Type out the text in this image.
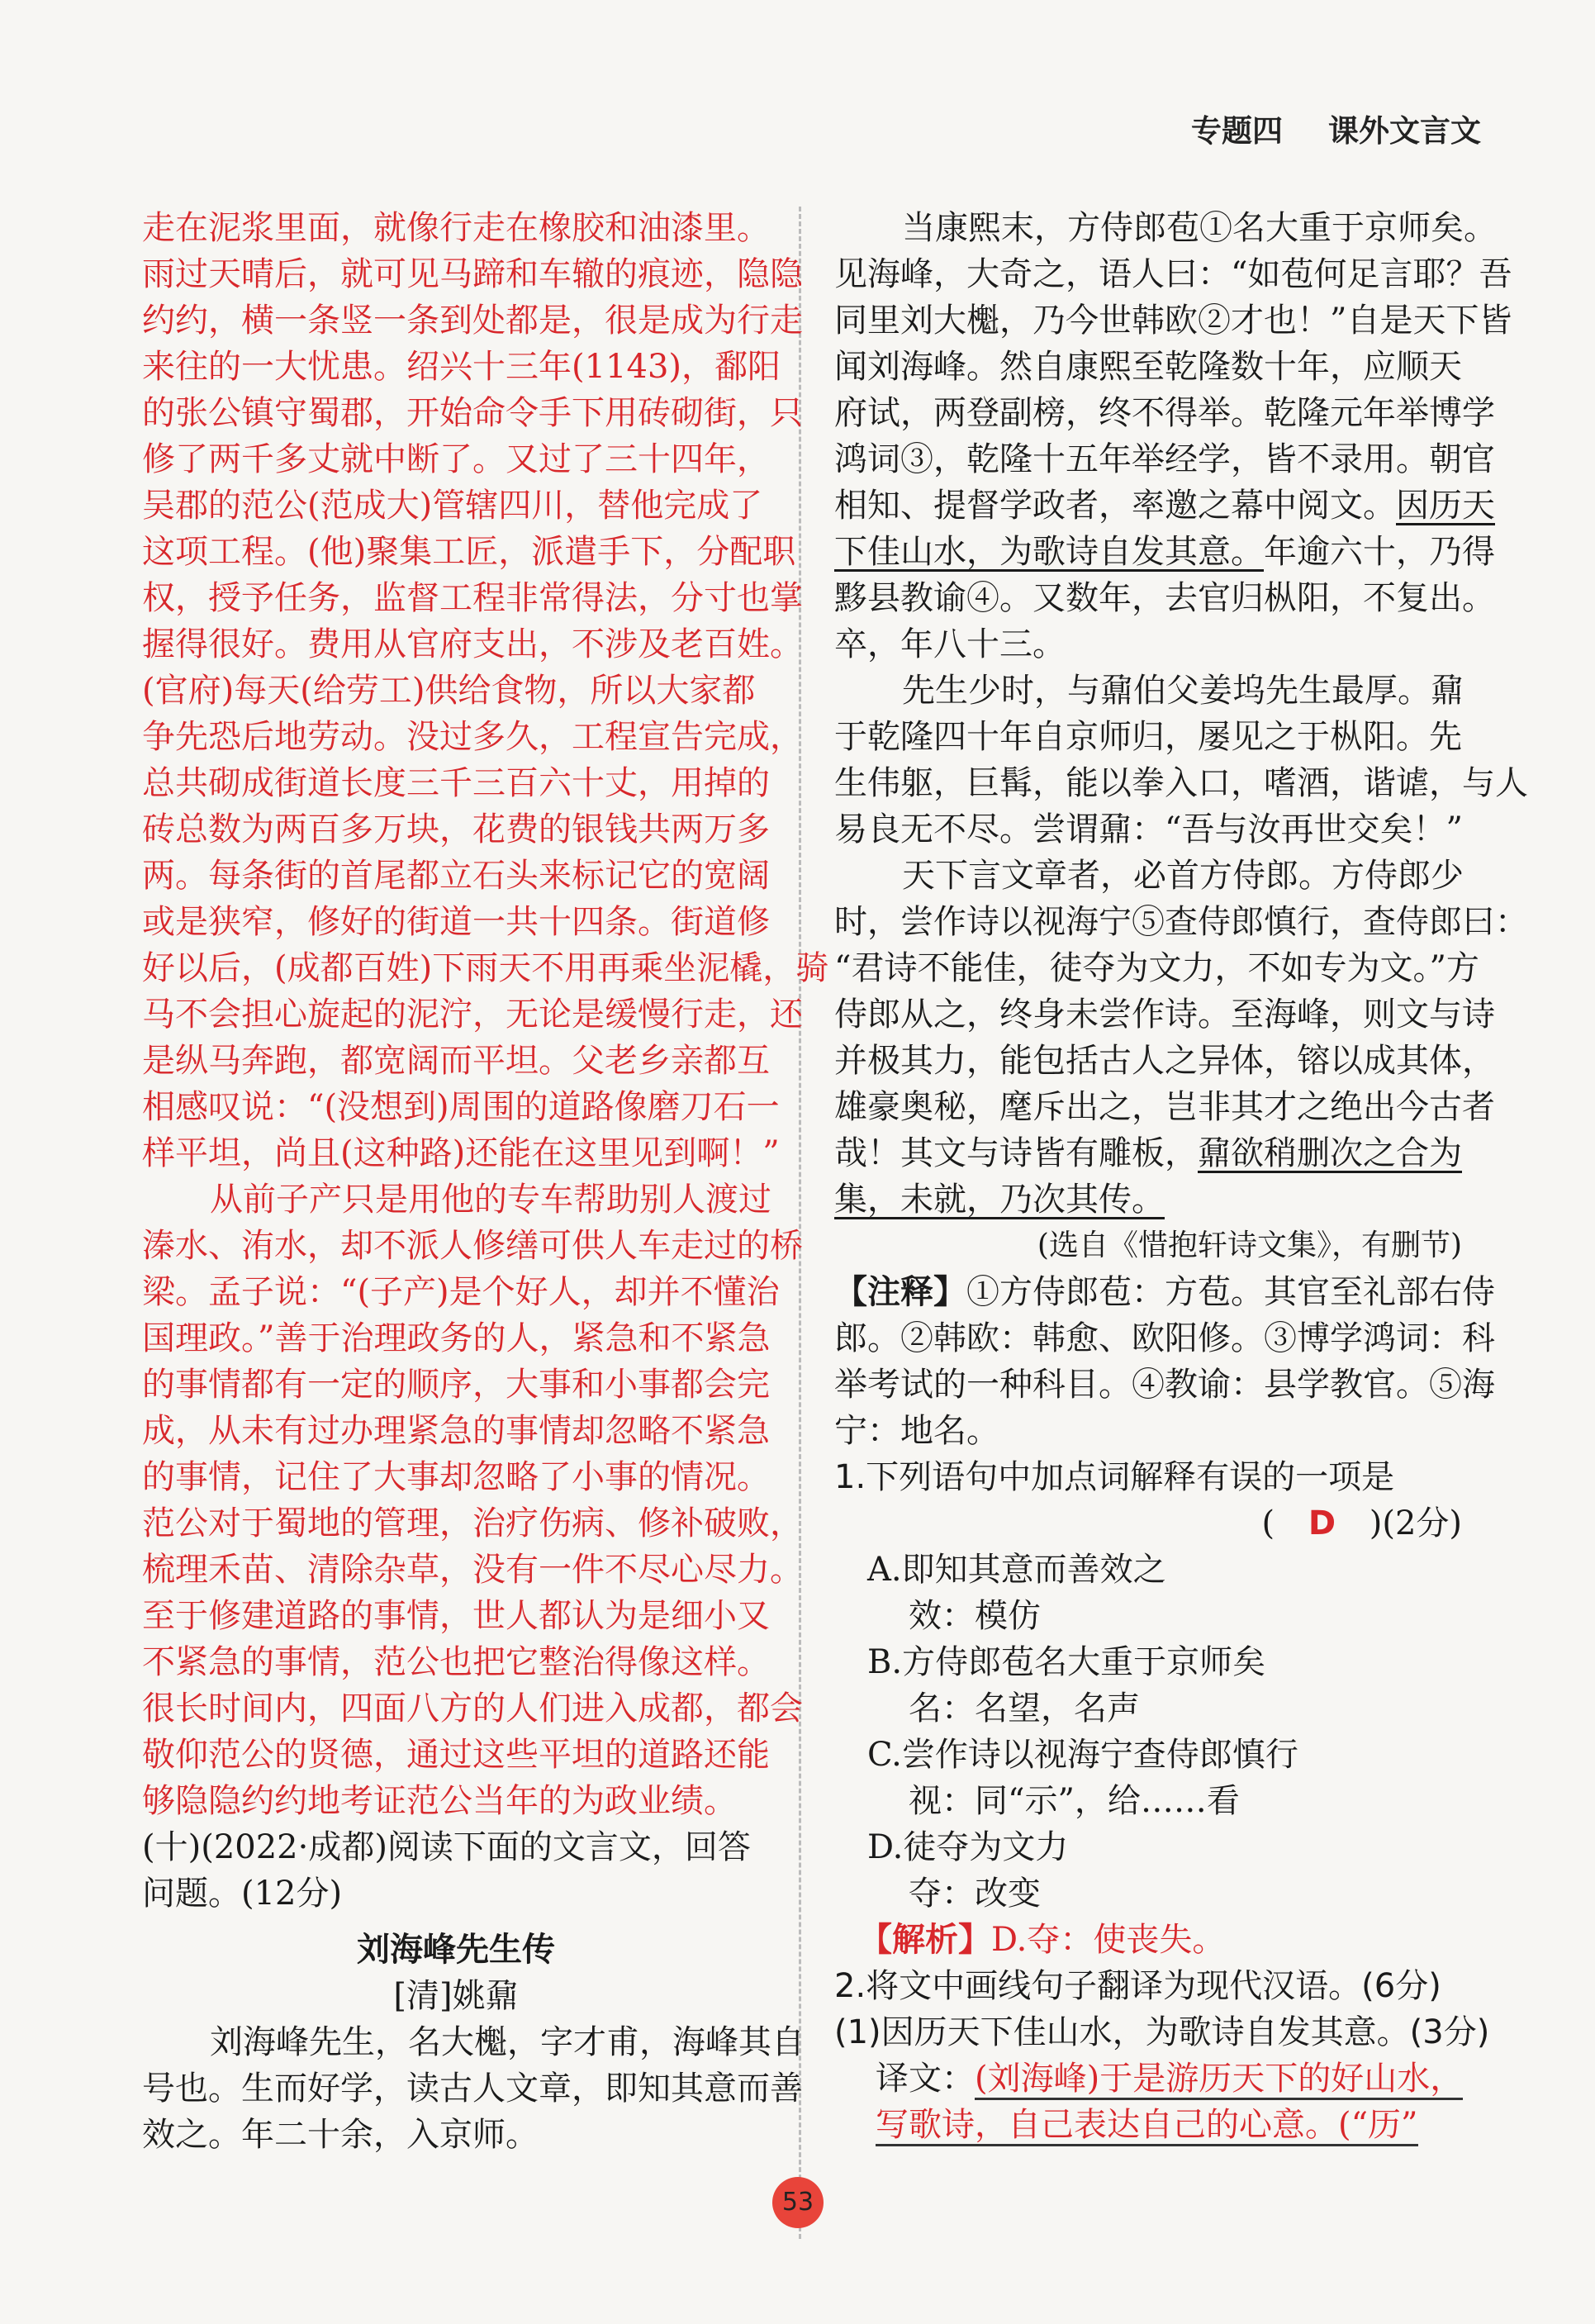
专题四 课外文言文
走在泥浆里面，就像行走在橡胶和油漆里。
雨过天晴后，就可见马蹄和车辙的痕迹，隐隐
约约，横一条竖一条到处都是，很是成为行走
来往的一大忧患。绍兴十三年(1143)，鄱阳
的张公镇守蜀郡，开始命令手下用砖砌街，只
修了两千多丈就中断了。又过了三十四年，
吴郡的范公(范成大)管辖四川，替他完成了
这项工程。(他)聚集工匠，派遣手下，分配职
权，授予任务，监督工程非常得法，分寸也掌
握得很好。费用从官府支出，不涉及老百姓。
(官府)每天(给劳工)供给食物，所以大家都
争先恐后地劳动。没过多久，工程宣告完成，
总共砌成街道长度三千三百六十丈，用掉的
砖总数为两百多万块，花费的银钱共两万多
两。每条街的首尾都立石头来标记它的宽阔
或是狭窄，修好的街道一共十四条。街道修
好以后，(成都百姓)下雨天不用再乘坐泥橇，骑
马不会担心旋起的泥泞，无论是缓慢行走，还
是纵马奔跑，都宽阔而平坦。父老乡亲都互
相感叹说：“(没想到)周围的道路像磨刀石一
样平坦，尚且(这种路)还能在这里见到啊！”
从前子产只是用他的专车帮助别人渡过
溱水、洧水，却不派人修缮可供人车走过的桥
梁。孟子说：“(子产)是个好人，却并不懂治
国理政。”善于治理政务的人，紧急和不紧急
的事情都有一定的顺序，大事和小事都会完
成，从未有过办理紧急的事情却忽略不紧急
的事情，记住了大事却忽略了小事的情况。
范公对于蜀地的管理，治疗伤病、修补破败，
梳理禾苗、清除杂草，没有一件不尽心尽力。
至于修建道路的事情，世人都认为是细小又
不紧急的事情，范公也把它整治得像这样。
很长时间内，四面八方的人们进入成都，都会
敬仰范公的贤德，通过这些平坦的道路还能
够隐隐约约地考证范公当年的为政业绩。
(十)(2022·成都)阅读下面的文言文，回答
问题。(12分)
刘海峰先生传
[清]姚鼐
刘海峰先生，名大櫆，字才甫，海峰其自
号也。生而好学，读古人文章，即知其意而善
效之。年二十余，入京师。
当康熙末，方侍郎苞①名大重于京师矣。
见海峰，大奇之，语人曰：“如苞何足言耶？吾
同里刘大櫆，乃今世韩欧②才也！”自是天下皆
闻刘海峰。然自康熙至乾隆数十年，应顺天
府试，两登副榜，终不得举。乾隆元年举博学
鸿词③，乾隆十五年举经学，皆不录用。朝官
相知、提督学政者，率邀之幕中阅文。因历天
下佳山水，为歌诗自发其意。年逾六十，乃得
黟县教谕④。又数年，去官归枞阳，不复出。
卒，年八十三。
先生少时，与鼐伯父姜坞先生最厚。鼐
于乾隆四十年自京师归，屡见之于枞阳。先
生伟躯，巨髯，能以拳入口，嗜酒，谐谑，与人
易良无不尽。尝谓鼐：“吾与汝再世交矣！”
天下言文章者，必首方侍郎。方侍郎少
时，尝作诗以视海宁⑤查侍郎慎行，查侍郎曰：
“君诗不能佳，徒夺为文力，不如专为文。”方
侍郎从之，终身未尝作诗。至海峰，则文与诗
并极其力，能包括古人之异体，镕以成其体，
雄豪奥秘，麾斥出之，岂非其才之绝出今古者
哉！其文与诗皆有雕板，鼐欲稍删次之合为
集，未就，乃次其传。
(选自《惜抱轩诗文集》，有删节)
【注释】①方侍郎苞：方苞。其官至礼部右侍
郎。②韩欧：韩愈、欧阳修。③博学鸿词：科
举考试的一种科目。④教谕：县学教官。⑤海
宁：地名。
1.下列语句中加点词解释有误的一项是
( D )(2分)
A.即知其意而善效之
效：模仿
B.方侍郎苞名大重于京师矣
名：名望，名声
C.尝作诗以视海宁查侍郎慎行
视：同“示”，给……看
D.徒夺为文力
夺：改变
【解析】D.夺：使丧失。
2.将文中画线句子翻译为现代汉语。(6分)
(1)因历天下佳山水，为歌诗自发其意。(3分)
译文：(刘海峰)于是游历天下的好山水，
写歌诗，自己表达自己的心意。(“历”
53
